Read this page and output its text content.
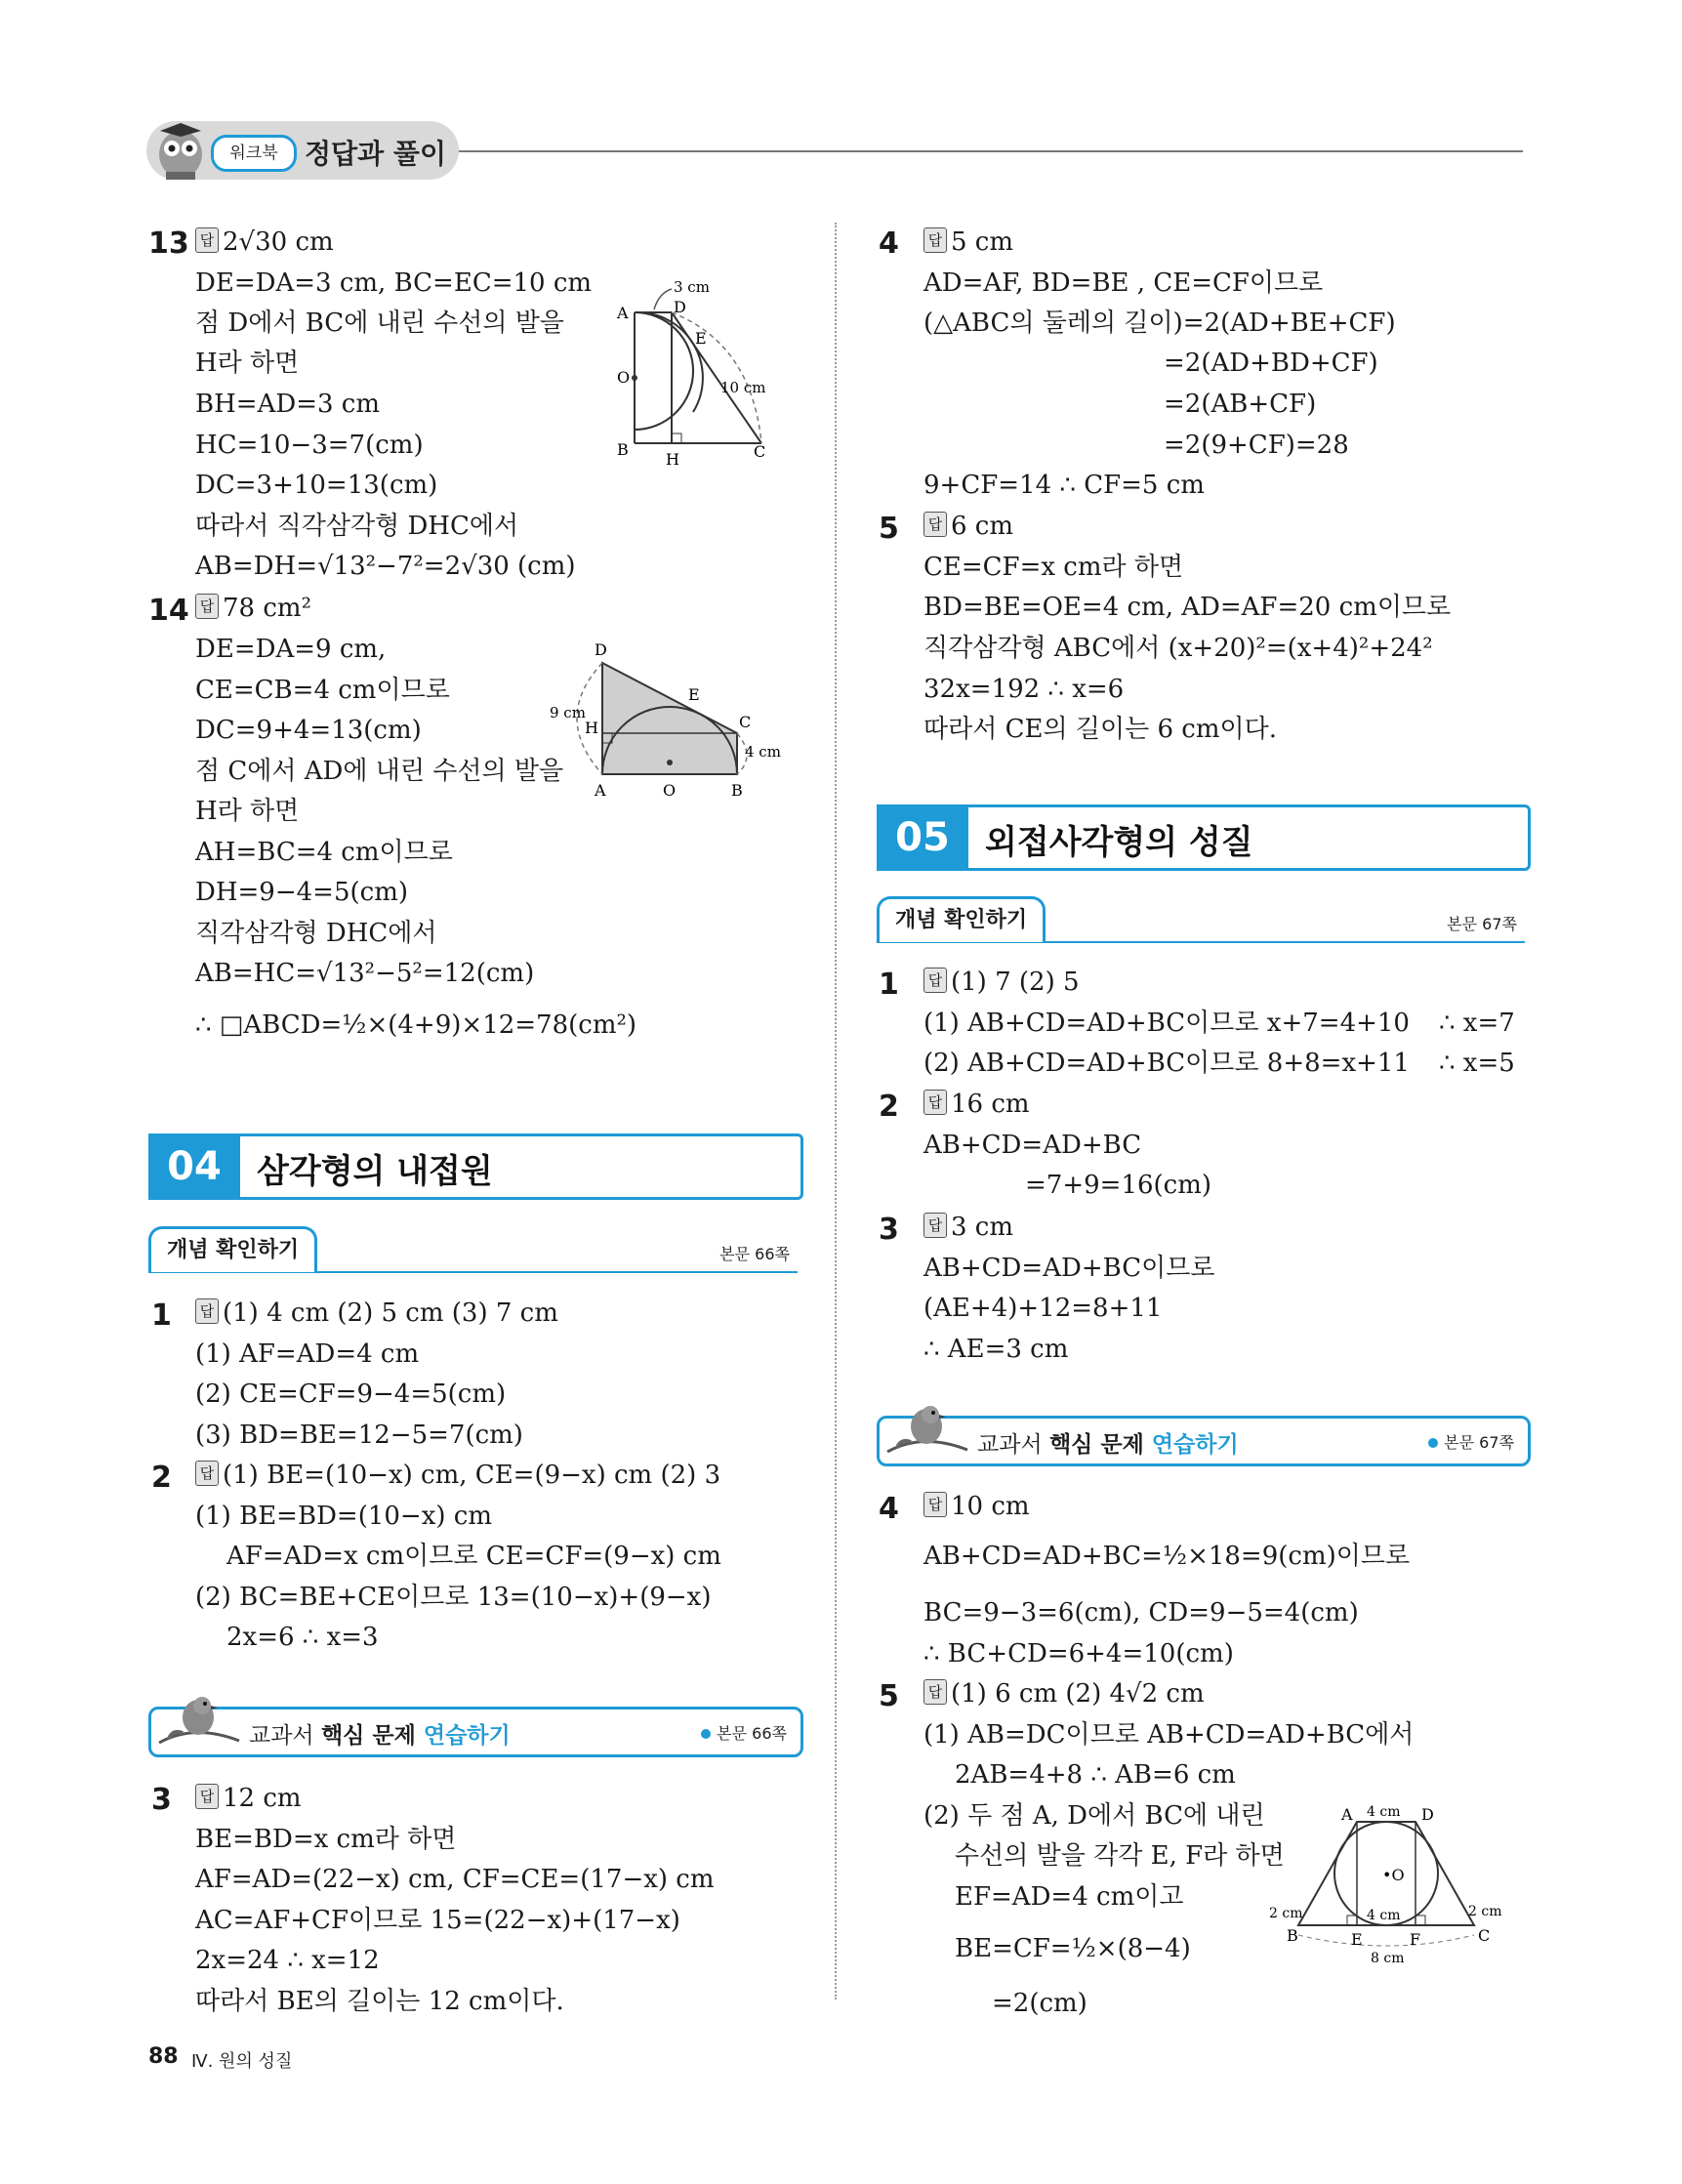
워크북 정답과 풀이
13 답 2√30 cm
DE=DA=3 cm, BC=EC=10 cm
점 D에서 BC에 내린 수선의 발을
H라 하면
BH=AD=3 cm
HC=10−3=7(cm)
DC=3+10=13(cm)
따라서 직각삼각형 DHC에서
AB=DH=√13²−7²=2√30 (cm)
A	D
E
O
B
H	C
3 cm
10 cm
14 답 78 cm²
DE=DA=9 cm,
CE=CB=4 cm이므로
DC=9+4=13(cm)
점 C에서 AD에 내린 수선의 발을
H라 하면
AH=BC=4 cm이므로
DH=9−4=5(cm)
직각삼각형 DHC에서
AB=HC=√13²−5²=12(cm)
∴ □ABCD=½×(4+9)×12=78(cm²)
D
E
C
H
A	O	B
9 cm
4 cm
04	삼각형의 내접원
개념 확인하기	본문 66쪽
1	답 (1) 4 cm (2) 5 cm (3) 7 cm
(1) AF=AD=4 cm
(2) CE=CF=9−4=5(cm)
(3) BD=BE=12−5=7(cm)
2	답 (1) BE=(10−x) cm, CE=(9−x) cm (2) 3
(1) BE=BD=(10−x) cm
AF=AD=x cm이므로 CE=CF=(9−x) cm
(2) BC=BE+CE이므로 13=(10−x)+(9−x)
2x=6 ∴ x=3
교과서 핵심 문제 연습하기	본문 66쪽
3	답 12 cm
BE=BD=x cm라 하면
AF=AD=(22−x) cm, CF=CE=(17−x) cm
AC=AF+CF이므로 15=(22−x)+(17−x)
2x=24 ∴ x=12
따라서 BE의 길이는 12 cm이다.
88 Ⅳ. 원의 성질
4	답 5 cm
AD=AF, BD=BE , CE=CF이므로
(△ABC의 둘레의 길이)=2(AD+BE+CF)
=2(AD+BD+CF)
=2(AB+CF)
=2(9+CF)=28
9+CF=14 ∴ CF=5 cm
5	답 6 cm
CE=CF=x cm라 하면
BD=BE=OE=4 cm, AD=AF=20 cm이므로
직각삼각형 ABC에서 (x+20)²=(x+4)²+24²
32x=192 ∴ x=6
따라서 CE의 길이는 6 cm이다.
05	외접사각형의 성질
개념 확인하기	본문 67쪽
1	답 (1) 7 (2) 5
(1) AB+CD=AD+BC이므로 x+7=4+10 ∴ x=7
(2) AB+CD=AD+BC이므로 8+8=x+11 ∴ x=5
2	답 16 cm
AB+CD=AD+BC
=7+9=16(cm)
3	답 3 cm
AB+CD=AD+BC이므로
(AE+4)+12=8+11
∴ AE=3 cm
교과서 핵심 문제 연습하기	본문 67쪽
4	답 10 cm
AB+CD=AD+BC=½×18=9(cm)이므로
BC=9−3=6(cm), CD=9−5=4(cm)
∴ BC+CD=6+4=10(cm)
5	답 (1) 6 cm (2) 4√2 cm
(1) AB=DC이므로 AB+CD=AD+BC에서
2AB=4+8 ∴ AB=6 cm
(2) 두 점 A, D에서 BC에 내린
수선의 발을 각각 E, F라 하면
EF=AD=4 cm이고
BE=CF=½×(8−4)
=2(cm)
A	D
4 cm
•O
4 cm
B	C
E	F
8 cm
2 cm	2 cm
